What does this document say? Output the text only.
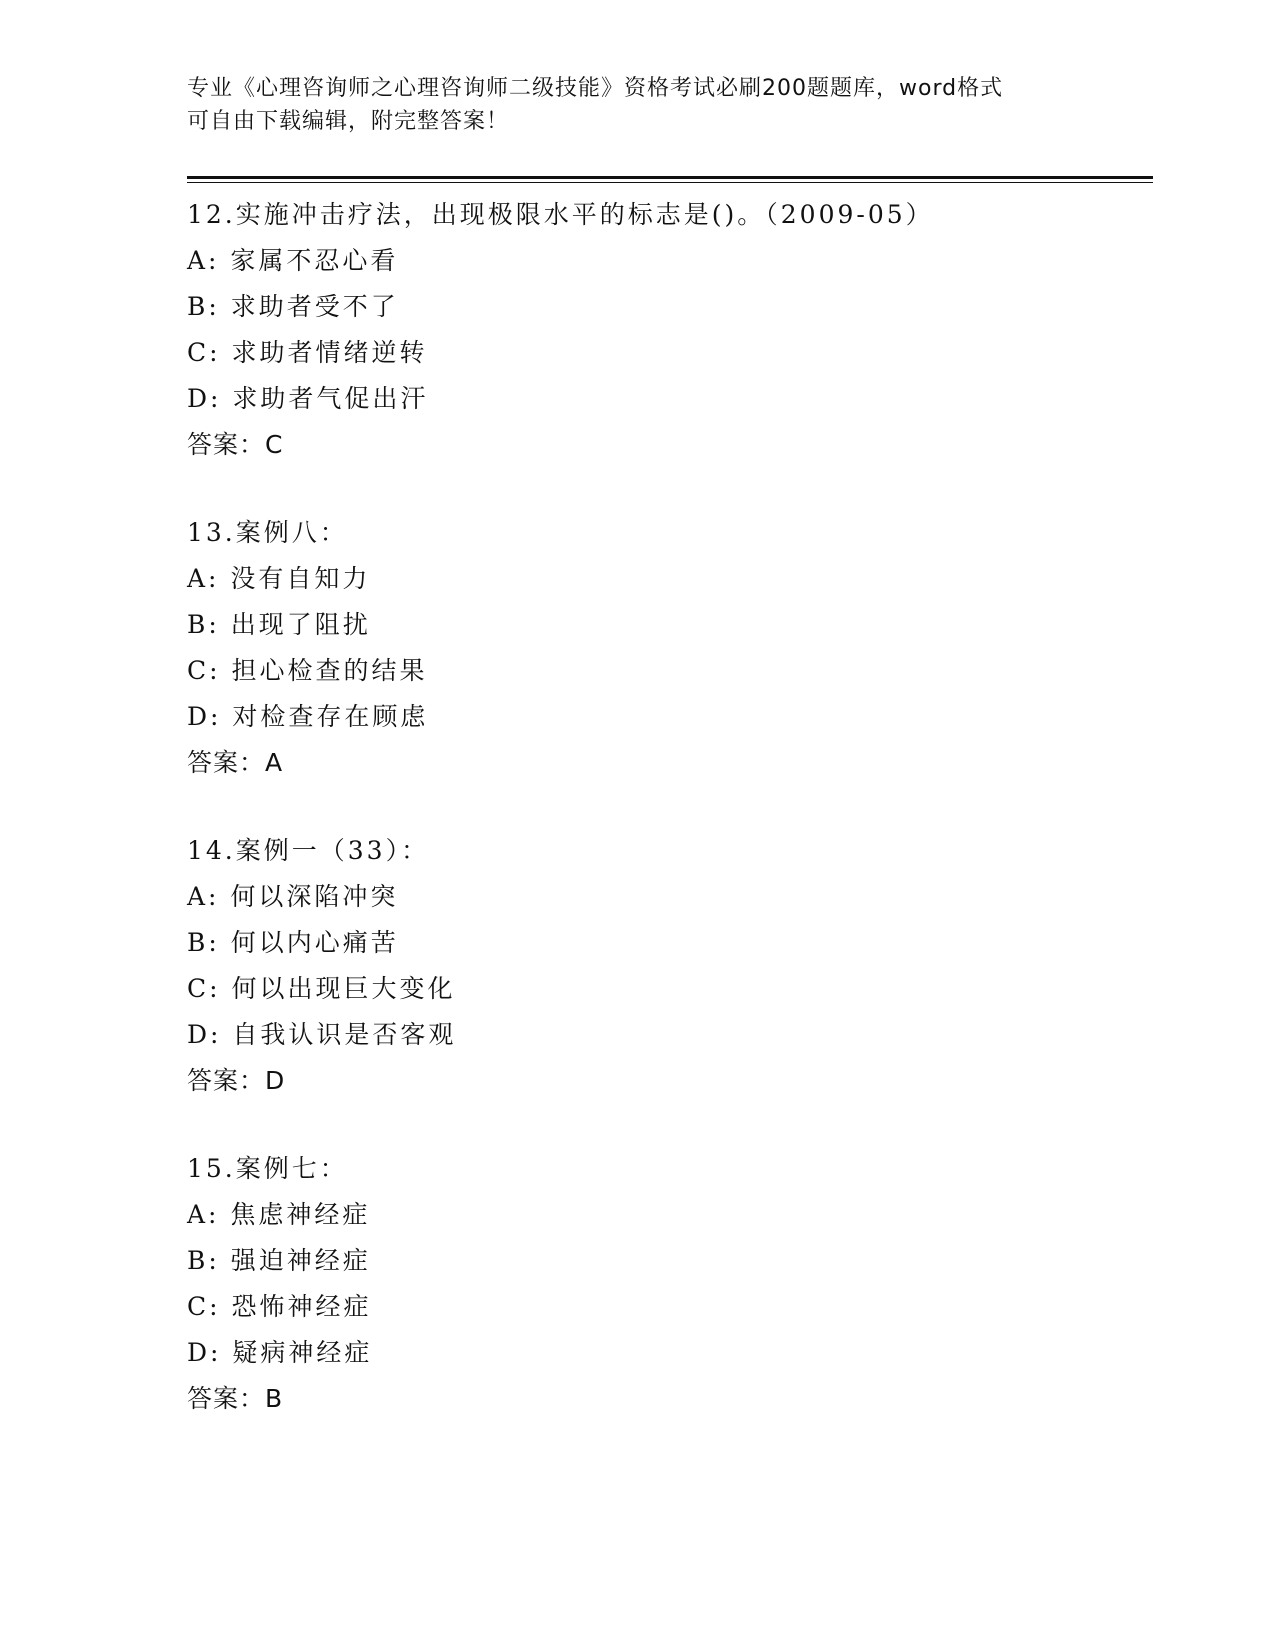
专业《心理咨询师之心理咨询师二级技能》资格考试必刷200题题库，word格式
可自由下载编辑，附完整答案！
12.实施冲击疗法，出现极限水平的标志是()。（2009-05）
A: 家属不忍心看
B: 求助者受不了
C: 求助者情绪逆转
D: 求助者气促出汗
答案：C
13.案例八：
A: 没有自知力
B: 出现了阻扰
C: 担心检查的结果
D: 对检查存在顾虑
答案：A
14.案例一（33）：
A: 何以深陷冲突
B: 何以内心痛苦
C: 何以出现巨大变化
D: 自我认识是否客观
答案：D
15.案例七：
A: 焦虑神经症
B: 强迫神经症
C: 恐怖神经症
D: 疑病神经症
答案：B
